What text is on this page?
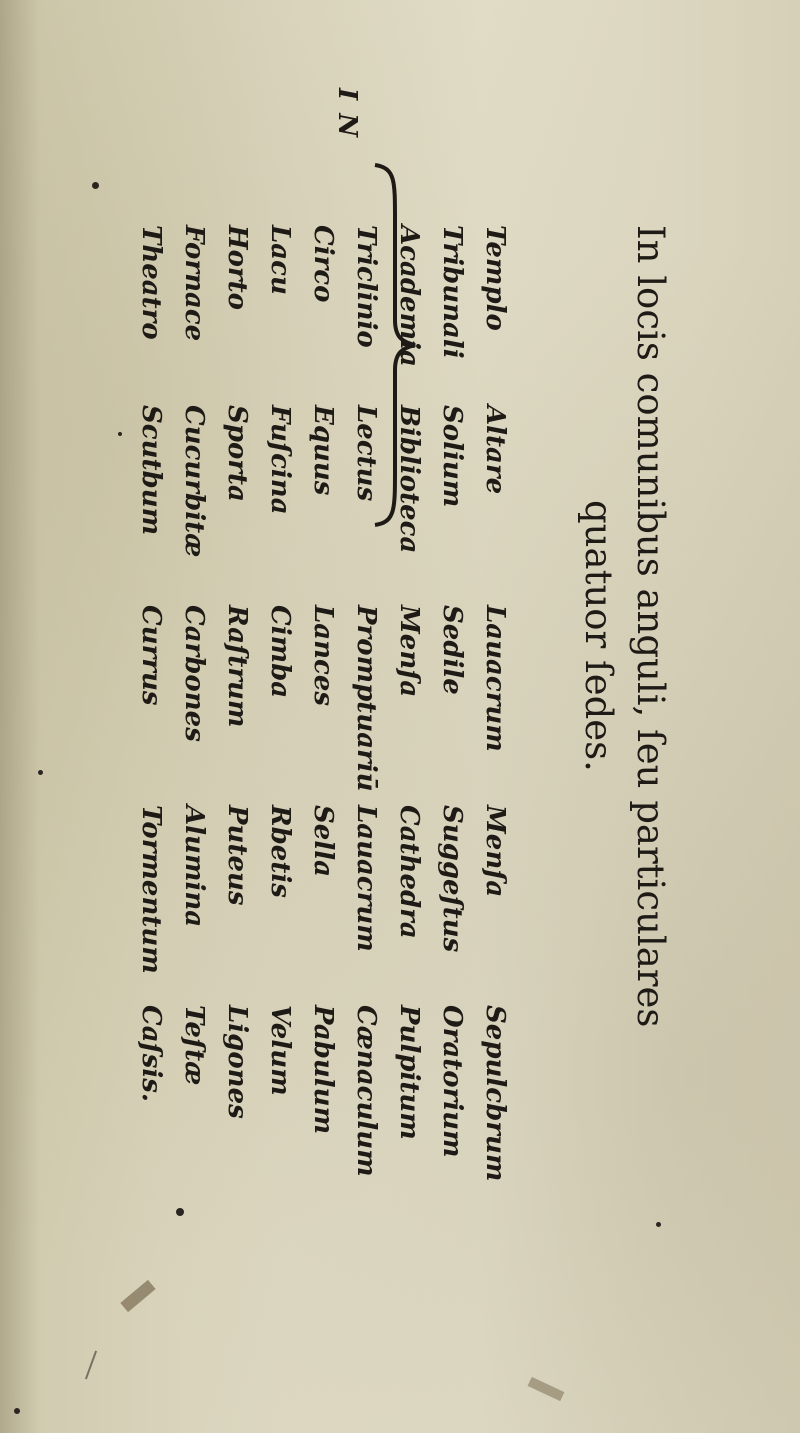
In locis comunibus anguli, ſeu particulares
quatuor ſedes.
I N
Templo
Altare
Lauacrum
Menſa
Sepulcbrum
Tribunali
Solium
Sedile
Suggeſtus
Oratorium
Academia
Biblioteca
Menſa
Cathedra
Pulpitum
Triclinio
Lectus
Promptuariū
Lauacrum
Cænaculum
Circo
Equus
Lances
Sella
Pabulum
Lacu
Fuſcina
Cimba
Rbetis
Velum
Horto
Sporta
Raſtrum
Puteus
Ligones
Fornace
Cucurbitæ
Carbones
Alumina
Teſtæ
Theatro
Scutbum
Currus
Tormentum
Caſsis.
